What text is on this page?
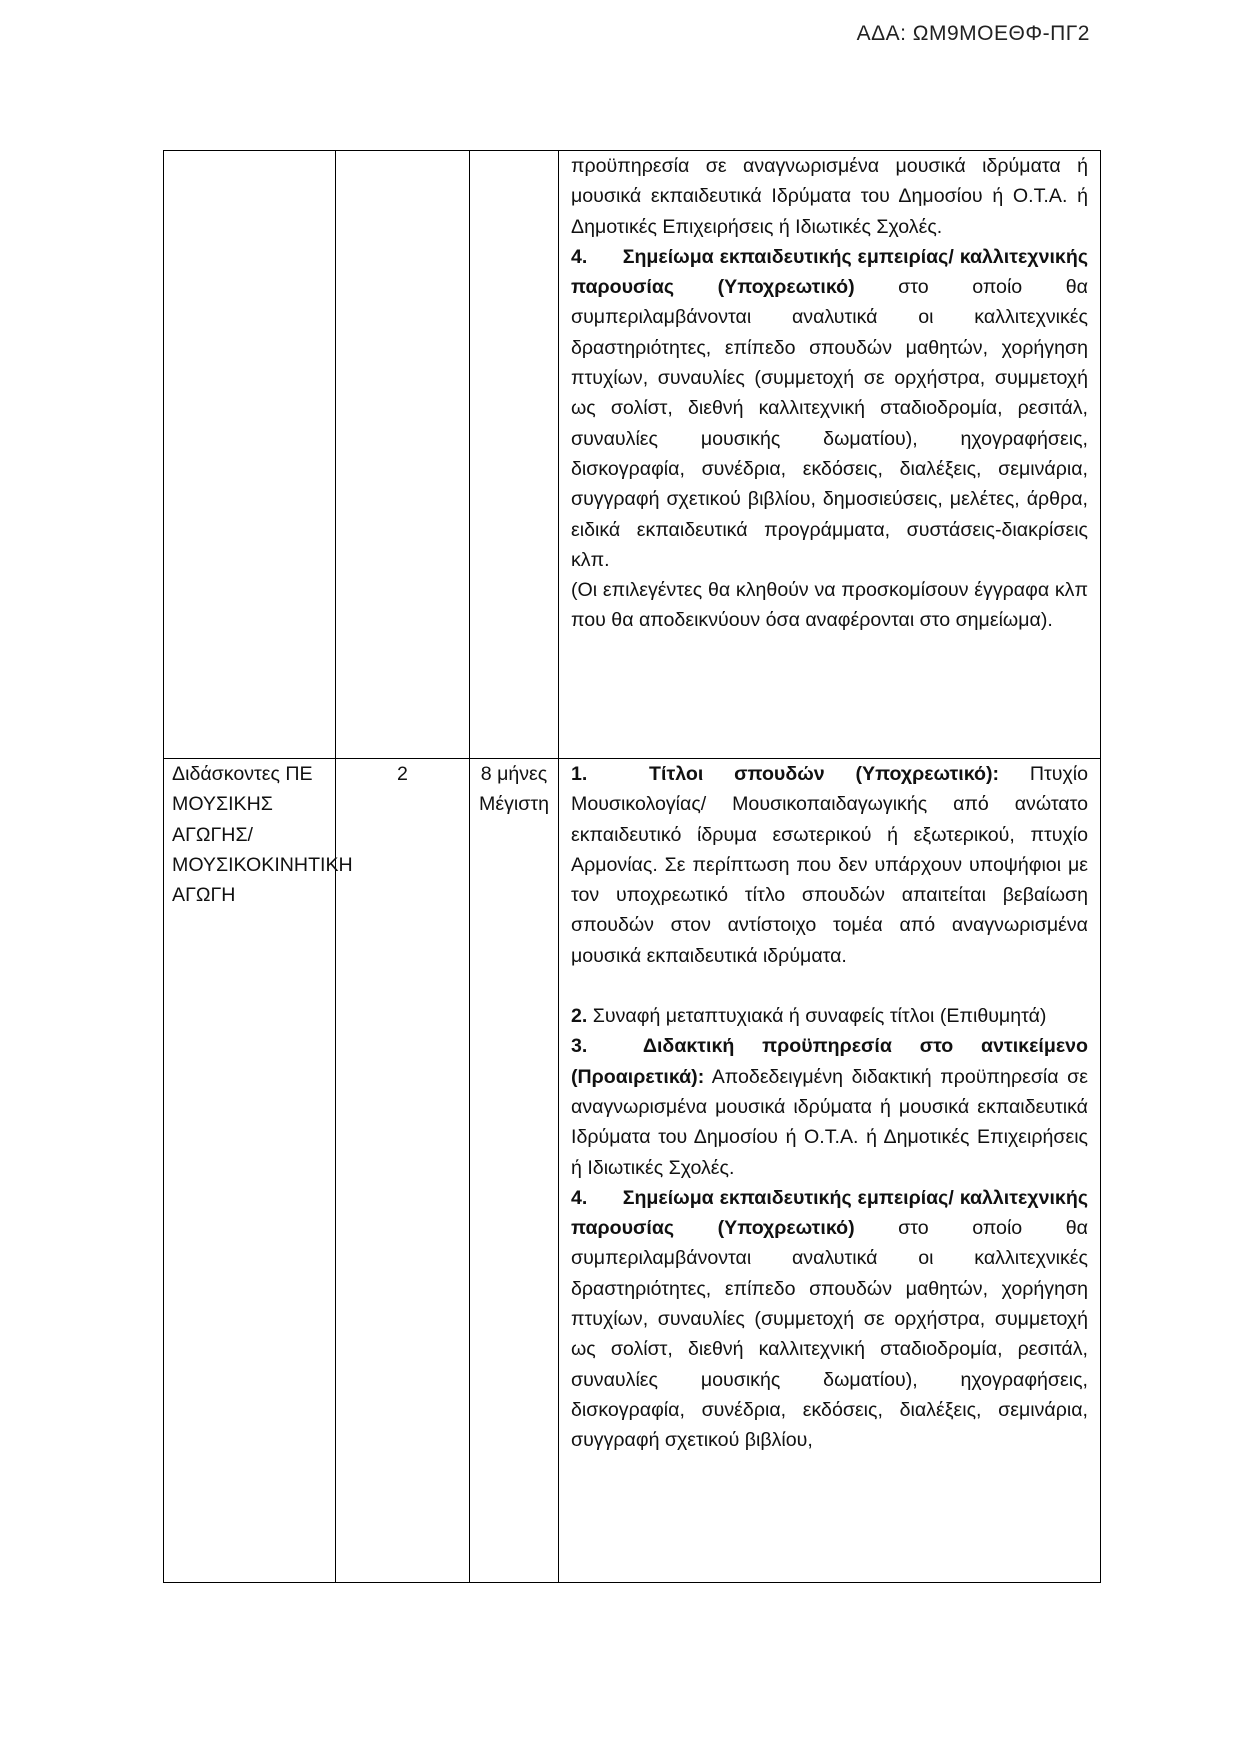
ΑΔΑ: ΩΜ9ΜΟΕΘΦ-ΠΓ2

			προϋπηρεσία σε αναγνωρισμένα μουσικά ιδρύματα ή μουσικά εκπαιδευτικά Ιδρύματα του Δημοσίου ή Ο.Τ.Α. ή Δημοτικές Επιχειρήσεις ή Ιδιωτικές Σχολές.
4. Σημείωμα εκπαιδευτικής εμπειρίας/ καλλιτεχνικής παρουσίας (Υποχρεωτικό) στο οποίο θα συμπεριλαμβάνονται αναλυτικά οι καλλιτεχνικές δραστηριότητες, επίπεδο σπουδών μαθητών, χορήγηση πτυχίων, συναυλίες (συμμετοχή σε ορχήστρα, συμμετοχή ως σολίστ, διεθνή καλλιτεχνική σταδιοδρομία, ρεσιτάλ, συναυλίες μουσικής δωματίου), ηχογραφήσεις, δισκογραφία, συνέδρια, εκδόσεις, διαλέξεις, σεμινάρια, συγγραφή σχετικού βιβλίου, δημοσιεύσεις, μελέτες, άρθρα, ειδικά εκπαιδευτικά προγράμματα, συστάσεις-διακρίσεις κλπ.
(Οι επιλεγέντες θα κληθούν να προσκομίσουν έγγραφα κλπ που θα αποδεικνύουν όσα αναφέρονται στο σημείωμα).

Διδάσκοντες ΠΕ ΜΟΥΣΙΚΗΣ ΑΓΩΓΗΣ/ ΜΟΥΣΙΚΟΚΙΝΗΤΙΚΗ ΑΓΩΓΗ	2	8 μήνες Μέγιστη	1. Τίτλοι σπουδών (Υποχρεωτικό): Πτυχίο Μουσικολογίας/ Μουσικοπαιδαγωγικής από ανώτατο εκπαιδευτικό ίδρυμα εσωτερικού ή εξωτερικού, πτυχίο Αρμονίας. Σε περίπτωση που δεν υπάρχουν υποψήφιοι με τον υποχρεωτικό τίτλο σπουδών απαιτείται βεβαίωση σπουδών στον αντίστοιχο τομέα από αναγνωρισμένα μουσικά εκπαιδευτικά ιδρύματα.
2. Συναφή μεταπτυχιακά ή συναφείς τίτλοι (Επιθυμητά)
3. Διδακτική προϋπηρεσία στο αντικείμενο (Προαιρετικά): Αποδεδειγμένη διδακτική προϋπηρεσία σε αναγνωρισμένα μουσικά ιδρύματα ή μουσικά εκπαιδευτικά Ιδρύματα του Δημοσίου ή Ο.Τ.Α. ή Δημοτικές Επιχειρήσεις ή Ιδιωτικές Σχολές.
4. Σημείωμα εκπαιδευτικής εμπειρίας/ καλλιτεχνικής παρουσίας (Υποχρεωτικό) στο οποίο θα συμπεριλαμβάνονται αναλυτικά οι καλλιτεχνικές δραστηριότητες, επίπεδο σπουδών μαθητών, χορήγηση πτυχίων, συναυλίες (συμμετοχή σε ορχήστρα, συμμετοχή ως σολίστ, διεθνή καλλιτεχνική σταδιοδρομία, ρεσιτάλ, συναυλίες μουσικής δωματίου), ηχογραφήσεις, δισκογραφία, συνέδρια, εκδόσεις, διαλέξεις, σεμινάρια, συγγραφή σχετικού βιβλίου,
